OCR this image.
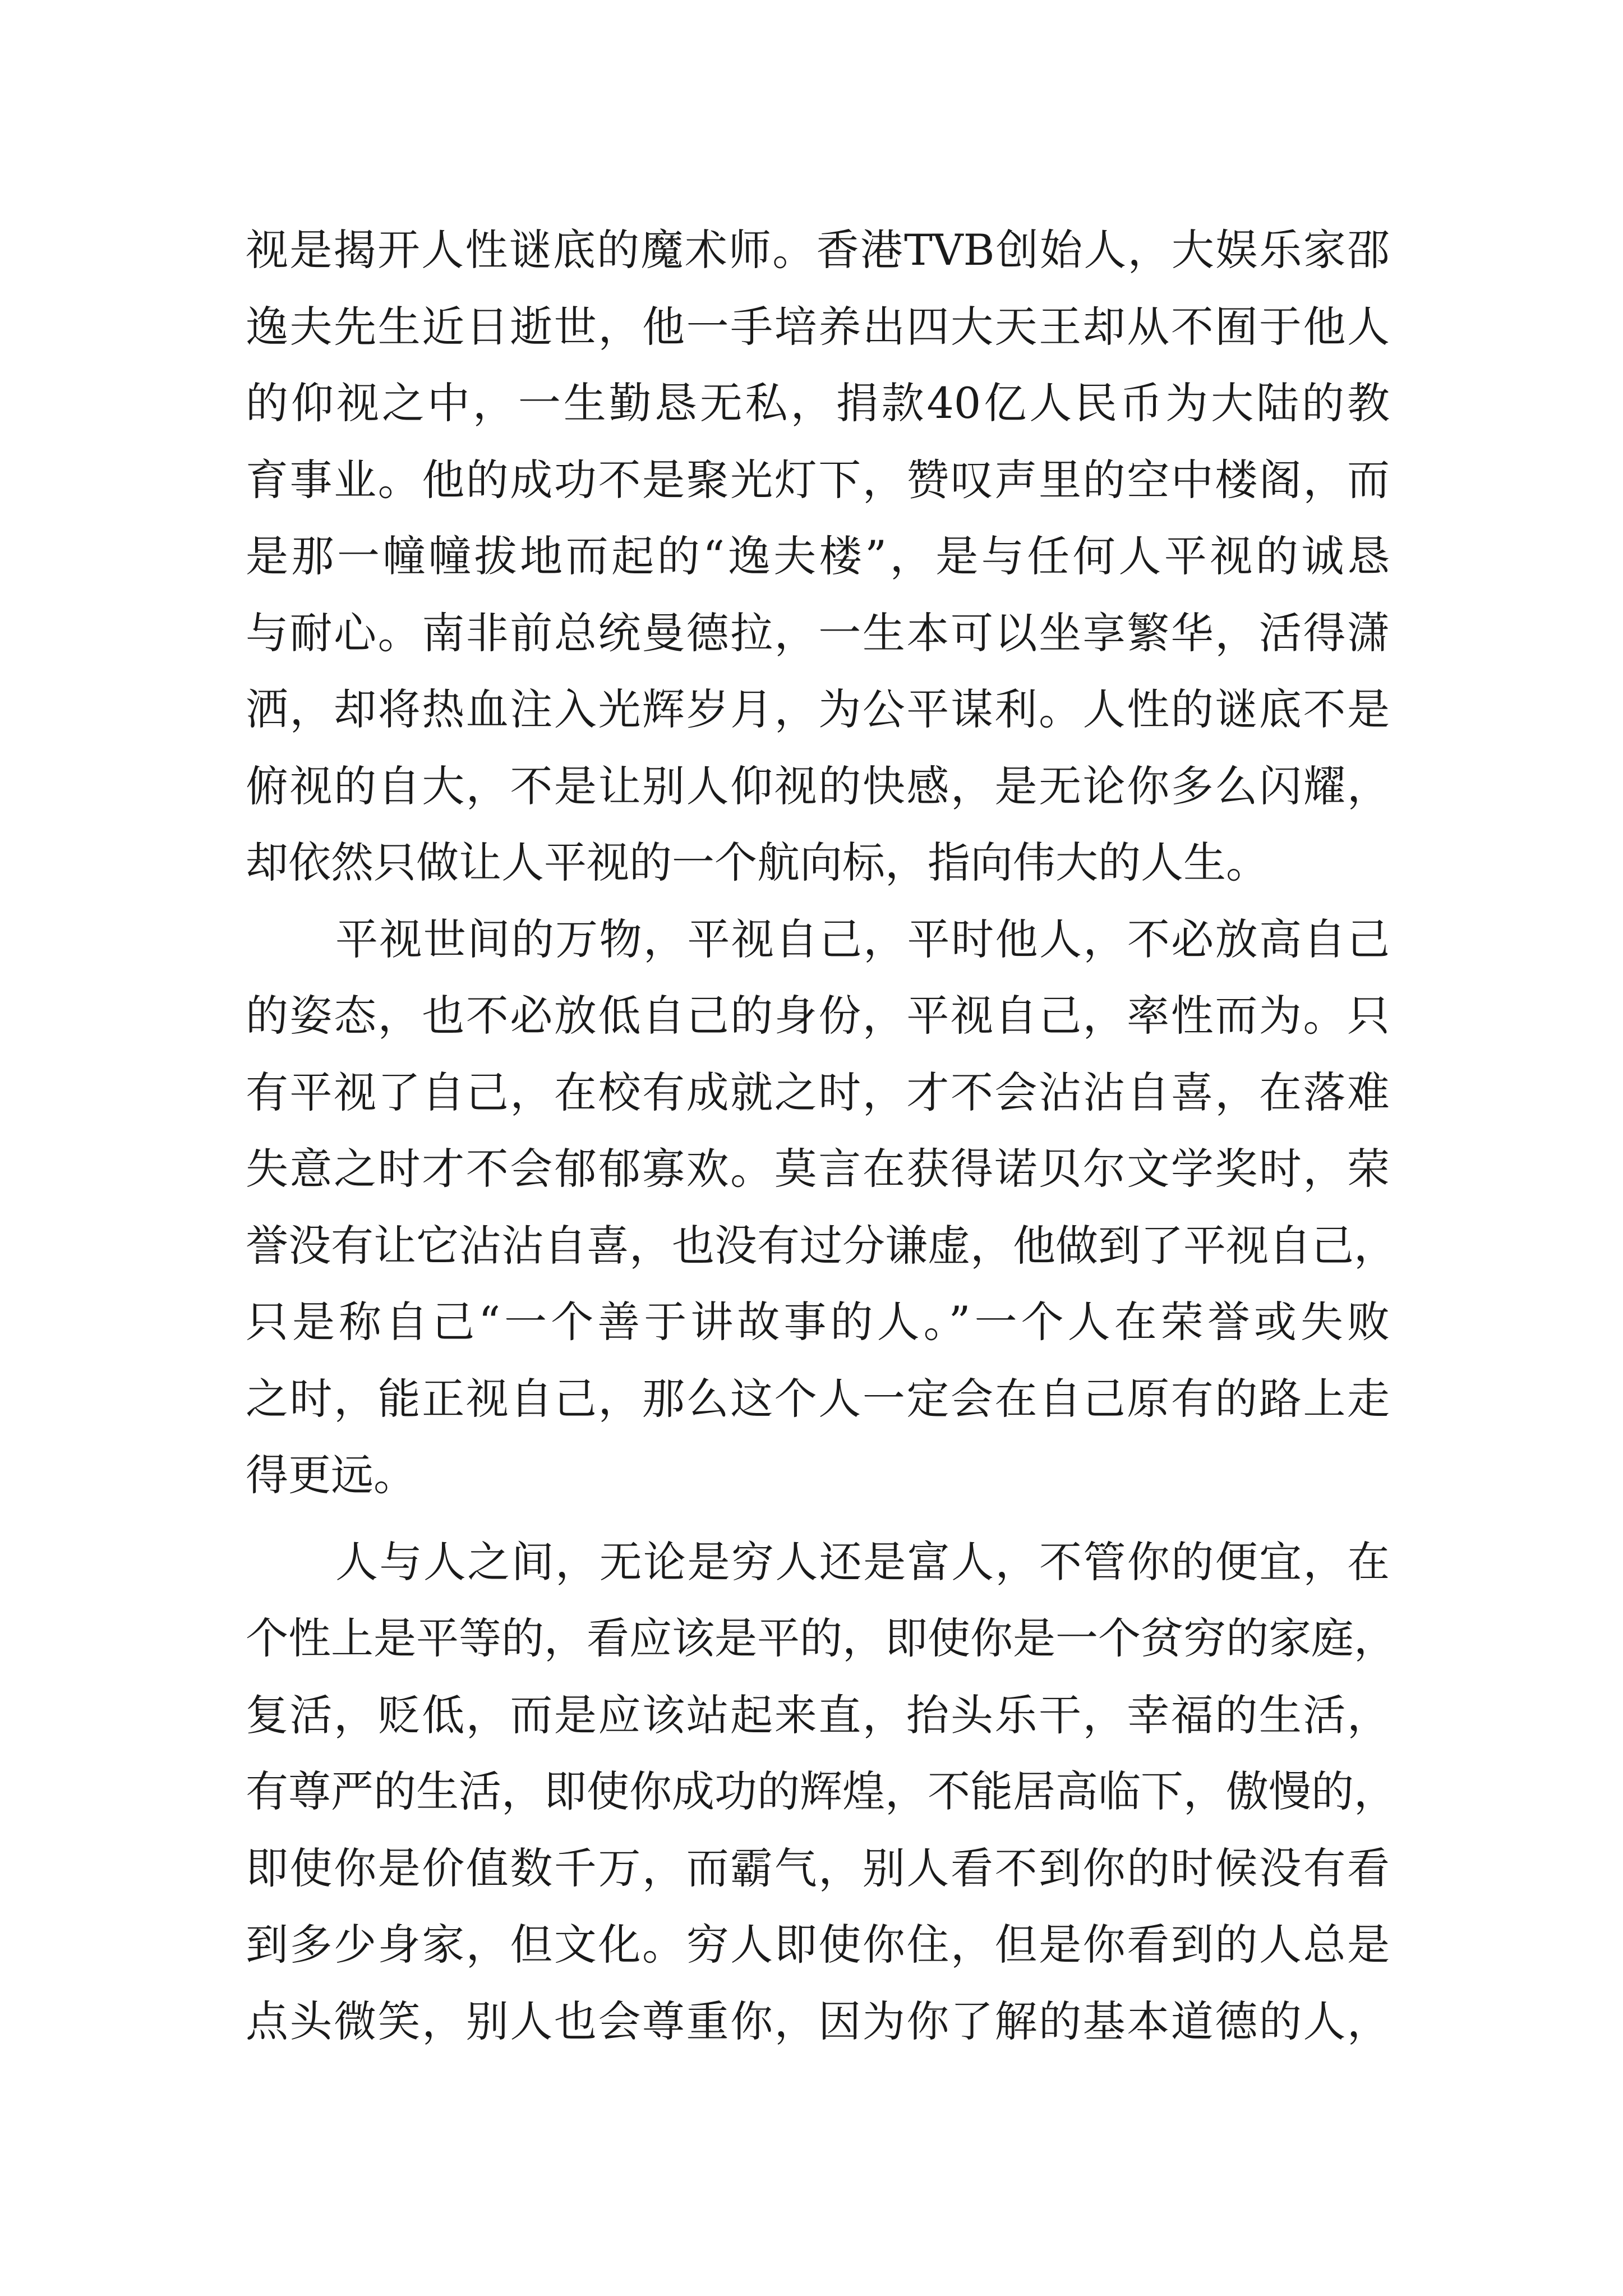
视是揭开人性谜底的魔术师。香港TVB创始人，大娱乐家邵
逸夫先生近日逝世，他一手培养出四大天王却从不囿于他人
的仰视之中，一生勤恳无私，捐款40亿人民币为大陆的教
育事业。他的成功不是聚光灯下，赞叹声里的空中楼阁，而
是那一幢幢拔地而起的“逸夫楼”，是与任何人平视的诚恳
与耐心。南非前总统曼德拉，一生本可以坐享繁华，活得潇
洒，却将热血注入光辉岁月，为公平谋利。人性的谜底不是
俯视的自大，不是让别人仰视的快感，是无论你多么闪耀，
却依然只做让人平视的一个航向标，指向伟大的人生。
平视世间的万物，平视自己，平时他人，不必放高自己
的姿态，也不必放低自己的身份，平视自己，率性而为。只
有平视了自己，在校有成就之时，才不会沾沾自喜，在落难
失意之时才不会郁郁寡欢。莫言在获得诺贝尔文学奖时，荣
誉没有让它沾沾自喜，也没有过分谦虚，他做到了平视自己，
只是称自己“一个善于讲故事的人。”一个人在荣誉或失败
之时，能正视自己，那么这个人一定会在自己原有的路上走
得更远。
人与人之间，无论是穷人还是富人，不管你的便宜，在
个性上是平等的，看应该是平的，即使你是一个贫穷的家庭，
复活，贬低，而是应该站起来直，抬头乐干，幸福的生活，
有尊严的生活，即使你成功的辉煌，不能居高临下，傲慢的，
即使你是价值数千万，而霸气，别人看不到你的时候没有看
到多少身家，但文化。穷人即使你住，但是你看到的人总是
点头微笑，别人也会尊重你，因为你了解的基本道德的人，
